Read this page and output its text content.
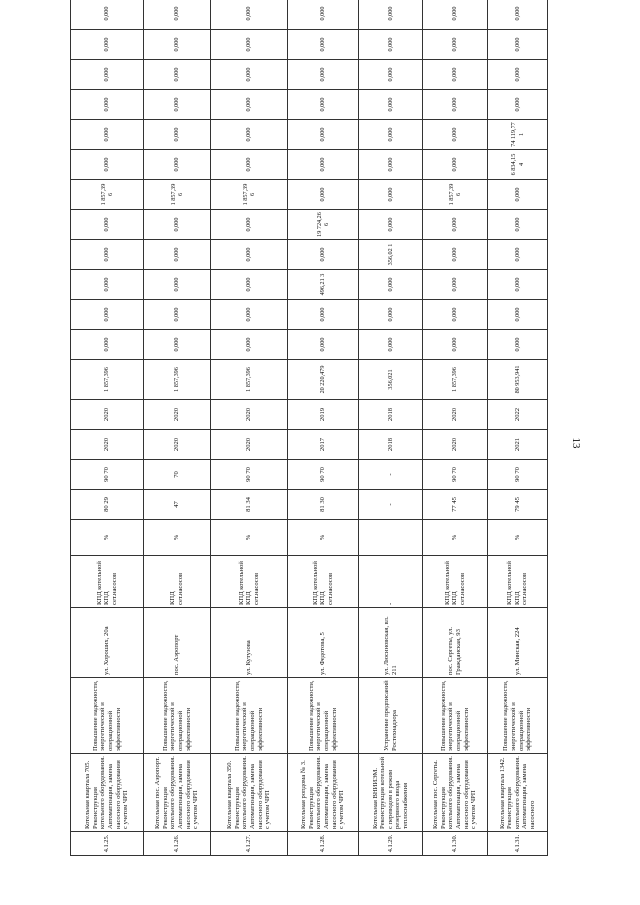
13
4.1.25.	Котельная квартала 705. Реконструкция котельного оборудования. Автоматизация, замена насосного оборудования с учетом ЧРП	Повышение надежности, энергетической и операционной эффективности	ул. Хороших, 20а	КПД котельной КПД сет.насосов	%	80 29	90 70	2020	2020	1 857,396	0,000	0,000	0,000	0,000	0,000	1 857,39 6	0,000	0,000	0,000	0,000	0,000	0,000
4.1.26.	Котельная пос. Аэропорт. Реконструкция котельного оборудования. Автоматизация, замена насосного оборудования с учетом ЧРП	Повышение надежности, энергетической и операционной эффективности	пос. Аэропорт	КПД сет.насосов	%	47	70	2020	2020	1 857,396	0,000	0,000	0,000	0,000	0,000	1 857,39 6	0,000	0,000	0,000	0,000	0,000	0,000
4.1.27.	Котельная квартала 350. Реконструкция котельного оборудования. Автоматизация, замена насосного оборудования с учетом ЧРП	Повышение надежности, энергетической и операционной эффективности	ул. Кутузова	КПД котельной КПД сет.насосов	%	81 34	90 70	2020	2020	1 857,396	0,000	0,000	0,000	0,000	0,000	1 857,39 6	0,000	0,000	0,000	0,000	0,000	0,000
4.1.28.	Котельная ропдома № 3. Реконструкция котельного оборудования. Автоматизация, замена насосного оборудования с учетом ЧРП	Повышение надежности, энергетической и операционной эффективности	ул. Федотова, 5	КПД котельной КПД сет.насосов	%	81 30	90 70	2017	2019	20 220,479	0,000	0,000	496,21 3	0,000	19 724,26 6	0,000	0,000	0,000	0,000	0,000	0,000	0,000
4.1.29.	Котельная ВНИИЭМ. Реконструкция котельной с переводом в режим резервного ввода теплоснабжения	Устранение предписаний Ростехнадзора	ул. Люсиновская, вл. 211	-		-	-	2018	2018	356,021	0,000	0,000	0,000	356,02 1	0,000	0,000	0,000	0,000	0,000	0,000	0,000	0,000
4.1.30.	Котельная пос. Сергеты. Реконструкция котельного оборудования. Автоматизация, замена насосного оборудования с учетом ЧРП	Повышение надежности, энергетической и операционной эффективности	пос. Сергеты, ул. Гражданская, 93	КПД котельной КПД сет.насосов	%	77 45	90 70	2020	2020	1 857,396	0,000	0,000	0,000	0,000	0,000	1 857,39 6	0,000	0,000	0,000	0,000	0,000	0,000
4.1.31.	Котельная квартала 1342. Реконструкция котельного оборудования. Автоматизация, замена насосного	Повышение надежности, энергетической и операционной эффективности	ул. Минская, 224	КПД котельной КПД сет.насосов	%	79 45	90 70	2021	2022	80 953,941	0,000	0,000	0,000	0,000	0,000	0,000	6 834,15 4	74 119,77 1	0,000	0,000	0,000	0,000
